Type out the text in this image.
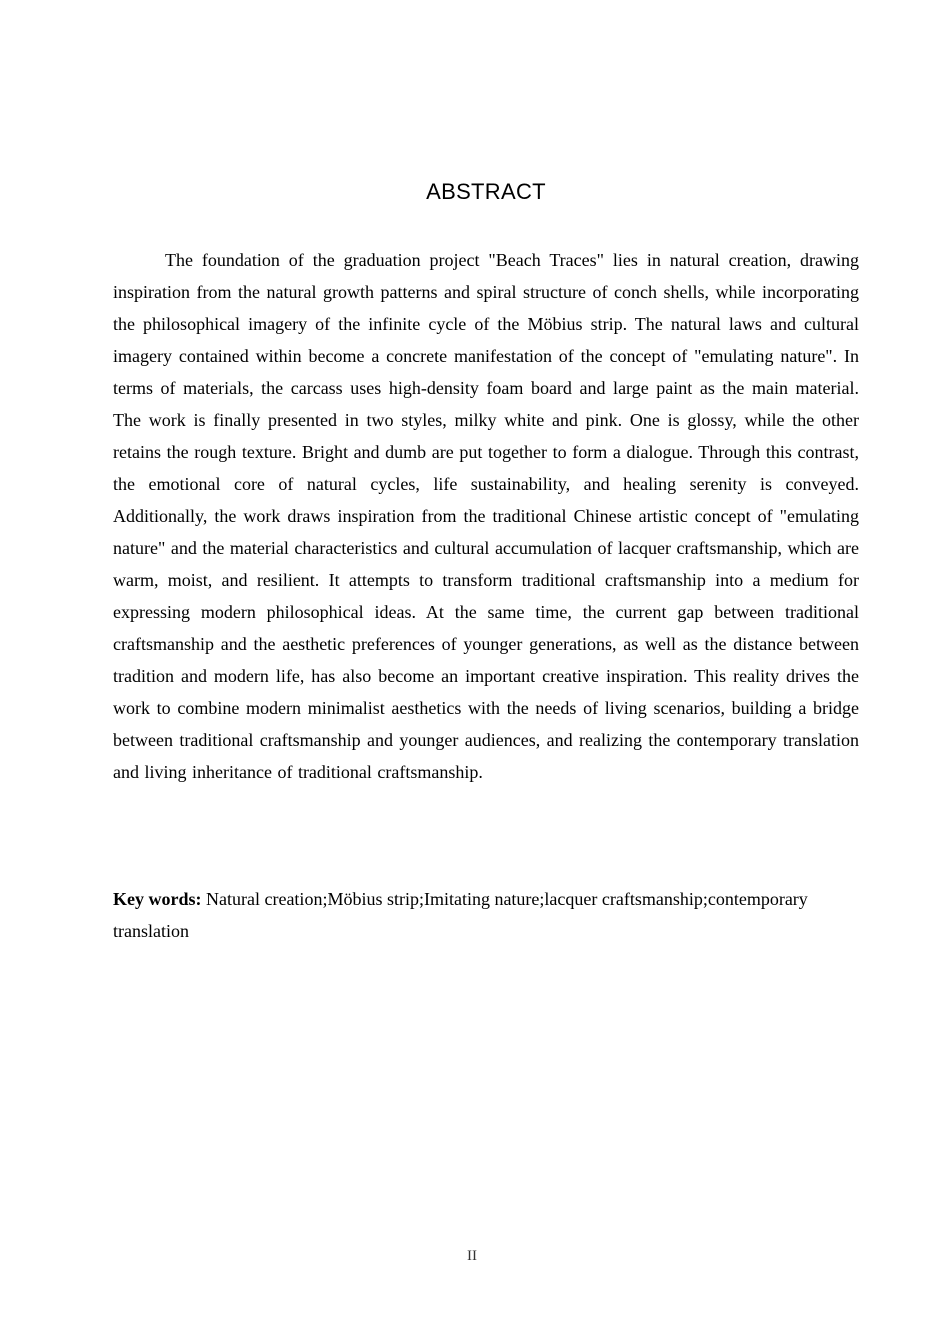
ABSTRACT

The foundation of the graduation project "Beach Traces" lies in natural creation, drawing inspiration from the natural growth patterns and spiral structure of conch shells, while incorporating the philosophical imagery of the infinite cycle of the Möbius strip. The natural laws and cultural imagery contained within become a concrete manifestation of the concept of "emulating nature". In terms of materials, the carcass uses high-density foam board and large paint as the main material. The work is finally presented in two styles, milky white and pink. One is glossy, while the other retains the rough texture. Bright and dumb are put together to form a dialogue. Through this contrast, the emotional core of natural cycles, life sustainability, and healing serenity is conveyed. Additionally, the work draws inspiration from the traditional Chinese artistic concept of "emulating nature" and the material characteristics and cultural accumulation of lacquer craftsmanship, which are warm, moist, and resilient. It attempts to transform traditional craftsmanship into a medium for expressing modern philosophical ideas. At the same time, the current gap between traditional craftsmanship and the aesthetic preferences of younger generations, as well as the distance between tradition and modern life, has also become an important creative inspiration. This reality drives the work to combine modern minimalist aesthetics with the needs of living scenarios, building a bridge between traditional craftsmanship and younger audiences, and realizing the contemporary translation and living inheritance of traditional craftsmanship.

Key words: Natural creation;Möbius strip;Imitating nature;lacquer craftsmanship;contemporary translation

II
